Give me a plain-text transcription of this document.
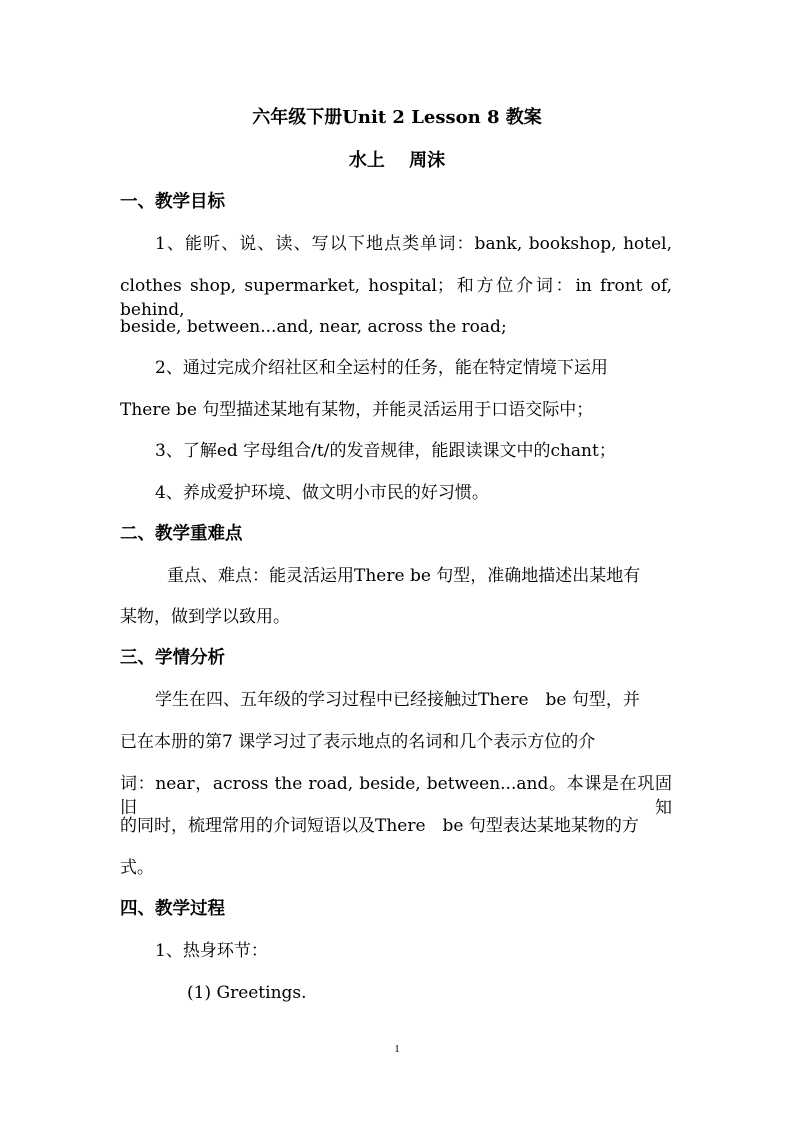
六年级下册Unit 2 Lesson 8 教案
水上　 周沫
一、教学目标
1、能听、说、读、写以下地点类单词：bank, bookshop, hotel,
clothes shop, supermarket, hospital；和方位介词：in front of, behind,
beside, between...and, near, across the road;
2、通过完成介绍社区和全运村的任务，能在特定情境下运用
There be 句型描述某地有某物，并能灵活运用于口语交际中；
3、了解ed 字母组合/t/的发音规律，能跟读课文中的chant；
4、养成爱护环境、做文明小市民的好习惯。
二、教学重难点
重点、难点：能灵活运用There be 句型，准确地描述出某地有
某物，做到学以致用。
三、学情分析
学生在四、五年级的学习过程中已经接触过There　be 句型，并
已在本册的第7 课学习过了表示地点的名词和几个表示方位的介
词：near，across the road, beside, between...and。本课是在巩固旧知
的同时，梳理常用的介词短语以及There　be 句型表达某地某物的方
式。
四、教学过程
1、热身环节：
(1) Greetings.
1
